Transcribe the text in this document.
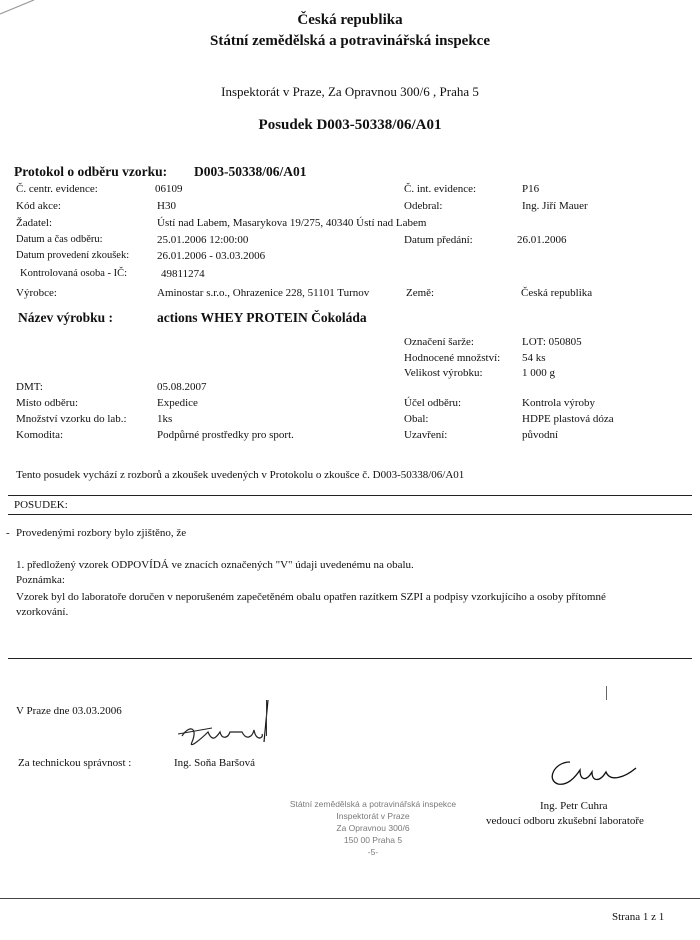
Česká republika
Státní zemědělská a potravinářská inspekce
Inspektorát v Praze, Za Opravnou 300/6 , Praha 5
Posudek D003-50338/06/A01
Protokol o odběru vzorku: D003-50338/06/A01
Č. centr. evidence:	06109	Č. int. evidence:	P16
Kód akce:	H30	Odebral:	Ing. Jiří Mauer
Žadatel:	Ústí nad Labem, Masarykova 19/275, 40340 Ústí nad Labem
Datum a čas odběru:	25.01.2006 12:00:00	Datum předání:	26.01.2006
Datum provedení zkoušek:	26.01.2006 - 03.03.2006
Kontrolovaná osoba - IČ:	49811274
Výrobce:	Aminostar s.r.o., Ohrazenice 228, 51101 Turnov	Země:	Česká republika
Název výrobku :	actions WHEY PROTEIN Čokoláda
Označení šarže:	LOT: 050805
Hodnocené množství: 54 ks
Velikost výrobku:	1 000 g
DMT:	05.08.2007
Místo odběru:	Expedice	Účel odběru:	Kontrola výroby
Množství vzorku do lab.:	1ks	Obal:	HDPE plastová dóza
Komodita:	Podpůrné prostředky pro sport.	Uzavření:	původní
Tento posudek vychází z rozborů a zkoušek uvedených v Protokolu o zkoušce č. D003-50338/06/A01
POSUDEK:
- Provedenými rozbory bylo zjištěno, že
1. předložený vzorek ODPOVÍDÁ ve znacích označených "V" údaji uvedenému na obalu.
Poznámka:
Vzorek byl do laboratoře doručen v neporušeném zapečetěném obalu opatřen razítkem SZPI a podpisy vzorkujícího a osoby přítomné
vzorkování.
V Praze dne 03.03.2006
Za technickou správnost :	Ing. Soňa Baršová
Státní zemědělská a potravinářská inspekce
Inspektorát v Praze
Za Opravnou 300/6
150 00 Praha 5
-5-
Ing. Petr Cuhra
vedoucí odboru zkušební laboratoře
Strana 1 z 1
